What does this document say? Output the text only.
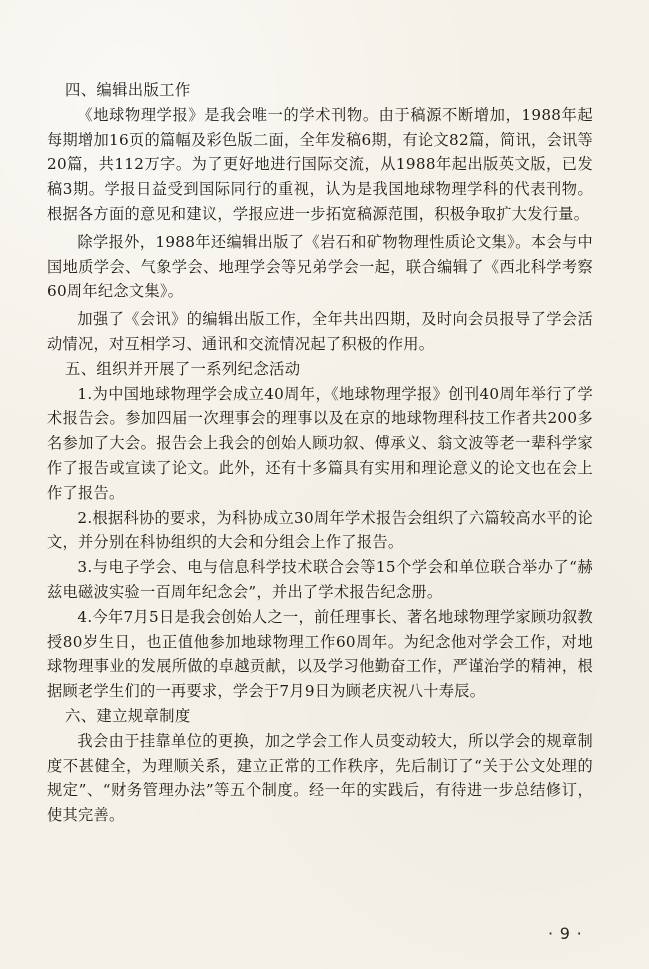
四、编辑出版工作

《地球物理学报》是我会唯一的学术刊物。由于稿源不断增加，1988年起每期增加16页的篇幅及彩色版二面，全年发稿6期，有论文82篇，简讯，会讯等20篇，共112万字。为了更好地进行国际交流，从1988年起出版英文版，已发稿3期。学报日益受到国际同行的重视，认为是我国地球物理学科的代表刊物。根据各方面的意见和建议，学报应进一步拓宽稿源范围，积极争取扩大发行量。

除学报外，1988年还编辑出版了《岩石和矿物物理性质论文集》。本会与中国地质学会、气象学会、地理学会等兄弟学会一起，联合编辑了《西北科学考察60周年纪念文集》。

加强了《会讯》的编辑出版工作，全年共出四期，及时向会员报导了学会活动情况，对互相学习、通讯和交流情况起了积极的作用。

五、组织并开展了一系列纪念活动

1.为中国地球物理学会成立40周年，《地球物理学报》创刊40周年举行了学术报告会。参加四届一次理事会的理事以及在京的地球物理科技工作者共200多名参加了大会。报告会上我会的创始人顾功叙、傅承义、翁文波等老一辈科学家作了报告或宣读了论文。此外，还有十多篇具有实用和理论意义的论文也在会上作了报告。

2.根据科协的要求，为科协成立30周年学术报告会组织了六篇较高水平的论文，并分别在科协组织的大会和分组会上作了报告。

3.与电子学会、电与信息科学技术联合会等15个学会和单位联合举办了“赫兹电磁波实验一百周年纪念会”，并出了学术报告纪念册。

4.今年7月5日是我会创始人之一，前任理事长、著名地球物理学家顾功叙教授80岁生日，也正值他参加地球物理工作60周年。为纪念他对学会工作，对地球物理事业的发展所做的卓越贡献，以及学习他勤奋工作，严谨治学的精神，根据顾老学生们的一再要求，学会于7月9日为顾老庆祝八十寿辰。

六、建立规章制度

我会由于挂靠单位的更换，加之学会工作人员变动较大，所以学会的规章制度不甚健全，为理顺关系，建立正常的工作秩序，先后制订了“关于公文处理的规定”、“财务管理办法”等五个制度。经一年的实践后，有待进一步总结修订，使其完善。

· 9 ·
